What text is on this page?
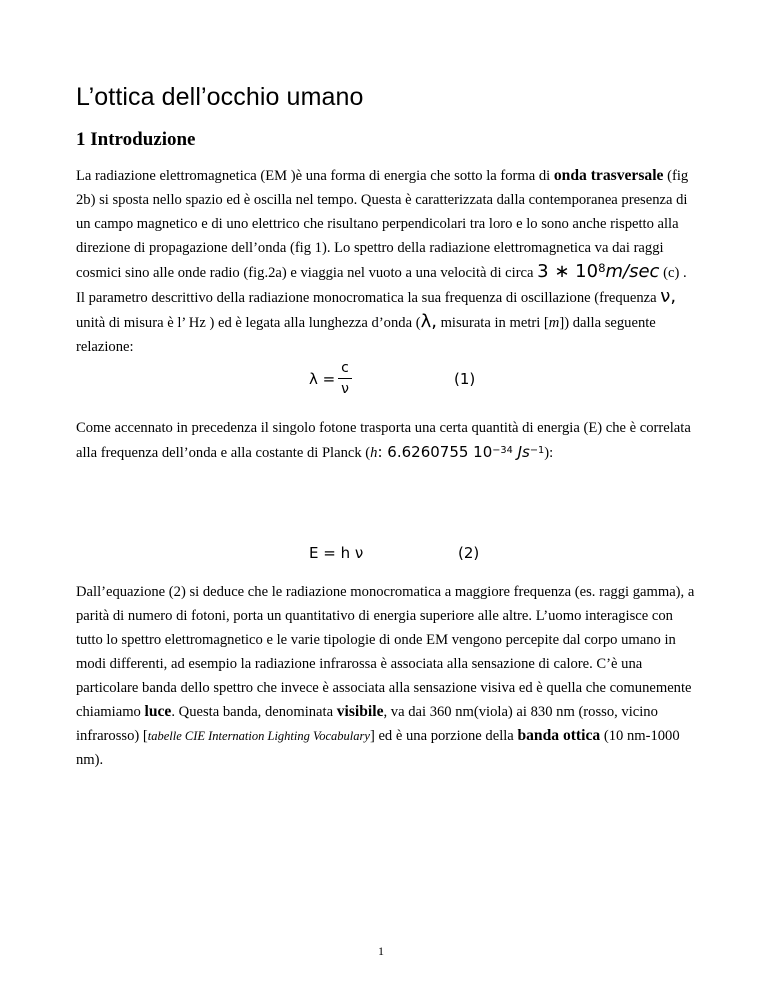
L’ottica dell’occhio umano
1 Introduzione

La radiazione elettromagnetica (EM )è una forma di energia che sotto la forma di onda trasversale (fig 2b) si sposta nello spazio ed è oscilla nel tempo. Questa è caratterizzata dalla contemporanea presenza di un campo magnetico e di uno elettrico che risultano perpendicolari tra loro e lo sono anche rispetto alla direzione di propagazione dell’onda (fig 1). Lo spettro della radiazione elettromagnetica va dai raggi cosmici sino alle onde radio (fig.2a) e viaggia nel vuoto a una velocità di circa 3 ∗ $10^8m/\sec$ (c) . Il parametro descrittivo della radiazione monocromatica la sua frequenza di oscillazione (frequenza ν, unità di misura è l’ Hz ) ed è legata alla lunghezza d’onda (λ, misurata in metri [m]) dalla seguente relazione:

$\lambda = \frac{c}{\nu}$	(1)

Come accennato in precedenza il singolo fotone trasporta una certa quantità di energia (E) che è correlata alla frequenza dell’onda e alla costante di Planck (h: 6.6260755 $10^{-34}$ $Js^{-1}$):

E = h ν	(2)

Dall’equazione (2) si deduce che le radiazione monocromatica a maggiore frequenza (es. raggi gamma), a parità di numero di fotoni, porta un quantitativo di energia superiore alle altre. L’uomo interagisce con tutto lo spettro elettromagnetico e le varie tipologie di onde EM vengono percepite dal corpo umano in modi differenti, ad esempio la radiazione infrarossa è associata alla sensazione di calore. C’è una particolare banda dello spettro che invece è associata alla sensazione visiva ed è quella che comunemente chiamiamo luce. Questa banda, denominata visibile, va dai 360 nm(viola) ai 830 nm (rosso, vicino infrarosso) [tabelle CIE Internation Lighting Vocabulary] ed è una porzione della banda ottica (10 nm-1000 nm).

1
